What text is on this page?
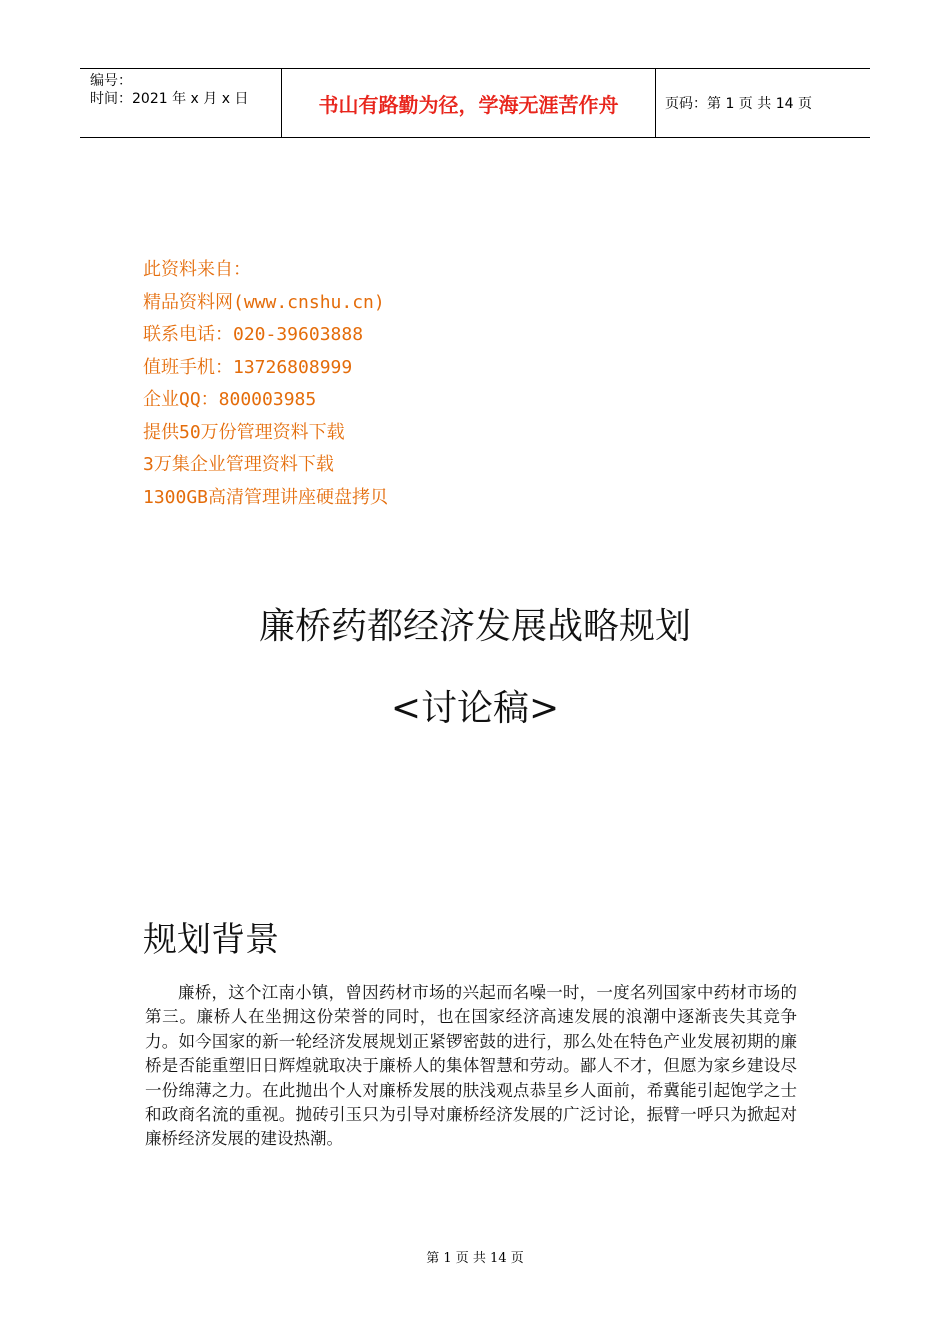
编号：
时间：2021 年 x 月 x 日	书山有路勤为径，学海无涯苦作舟	页码：第 1 页 共 14 页
此资料来自：
精品资料网(www.cnshu.cn)
联系电话：020-39603888
值班手机：13726808999
企业QQ：800003985
提供50万份管理资料下载
3万集企业管理资料下载
1300GB高清管理讲座硬盘拷贝
廉桥药都经济发展战略规划
<讨论稿>
规划背景
廉桥，这个江南小镇，曾因药材市场的兴起而名噪一时，一度名列国家中药材市场的第三。廉桥人在坐拥这份荣誉的同时，也在国家经济高速发展的浪潮中逐渐丧失其竞争力。如今国家的新一轮经济发展规划正紧锣密鼓的进行，那么处在特色产业发展初期的廉桥是否能重塑旧日辉煌就取决于廉桥人的集体智慧和劳动。鄙人不才，但愿为家乡建设尽一份绵薄之力。在此抛出个人对廉桥发展的肤浅观点恭呈乡人面前，希冀能引起饱学之士和政商名流的重视。抛砖引玉只为引导对廉桥经济发展的广泛讨论，振臂一呼只为掀起对廉桥经济发展的建设热潮。
第 1 页 共 14 页
